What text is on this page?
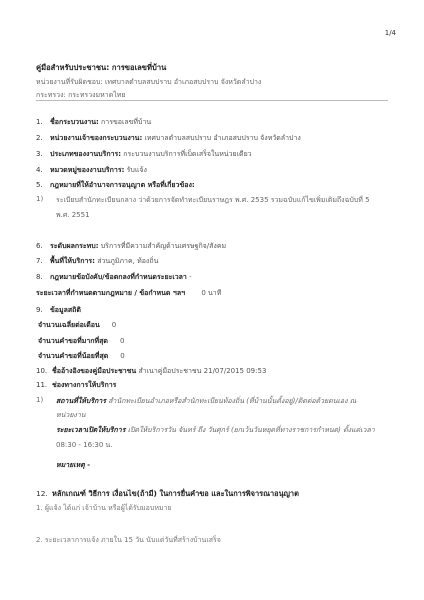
1/4
คู่มือสำหรับประชาชน: การขอเลขที่บ้าน
หน่วยงานที่รับผิดชอบ: เทศบาลตำบลสบปราบ อำเภอสบปราบ จังหวัดลำปาง
กระทรวง: กระทรวงมหาดไทย
1. ชื่อกระบวนงาน: การขอเลขที่บ้าน
2. หน่วยงานเจ้าของกระบวนงาน: เทศบาลตำบลสบปราบ อำเภอสบปราบ จังหวัดลำปาง
3. ประเภทของงานบริการ: กระบวนงานบริการที่เบ็ดเสร็จในหน่วยเดียว
4. หมวดหมู่ของงานบริการ: รับแจ้ง
5. กฎหมายที่ให้อำนาจการอนุญาต หรือที่เกี่ยวข้อง:
1) ระเบียบสำนักทะเบียนกลาง ว่าด้วยการจัดทำทะเบียนราษฎร พ.ศ. 2535 รวมฉบับแก้ไขเพิ่มเติมถึงฉบับที่ 5
พ.ศ. 2551
6. ระดับผลกระทบ: บริการที่มีความสำคัญด้านเศรษฐกิจ/สังคม
7. พื้นที่ให้บริการ: ส่วนภูมิภาค, ท้องถิ่น
8. กฎหมายข้อบังคับ/ข้อตกลงที่กำหนดระยะเวลา -
ระยะเวลาที่กำหนดตามกฎหมาย / ข้อกำหนด ฯลฯ 0 นาที
9. ข้อมูลสถิติ
จำนวนเฉลี่ยต่อเดือน 0
จำนวนคำขอที่มากที่สุด 0
จำนวนคำขอที่น้อยที่สุด 0
10. ชื่ออ้างอิงของคู่มือประชาชน สำเนาคู่มือประชาชน 21/07/2015 09:53
11. ช่องทางการให้บริการ
1) สถานที่ให้บริการ สำนักทะเบียนอำเภอหรือสำนักทะเบียนท้องถิ่น (ที่บ้านนั้นตั้งอยู่)/ติดต่อด้วยตนเอง ณ
หน่วยงาน
ระยะเวลาเปิดให้บริการ เปิดให้บริการวัน จันทร์ ถึง วันศุกร์ (ยกเว้นวันหยุดที่ทางราชการกำหนด) ตั้งแต่เวลา
08:30 - 16:30 น.
หมายเหตุ -
12. หลักเกณฑ์ วิธีการ เงื่อนไข(ถ้ามี) ในการยื่นคำขอ และในการพิจารณาอนุญาต
1. ผู้แจ้ง ได้แก่ เจ้าบ้าน หรือผู้ได้รับมอบหมาย
2. ระยะเวลาการแจ้ง ภายใน 15 วัน นับแต่วันที่สร้างบ้านเสร็จ
